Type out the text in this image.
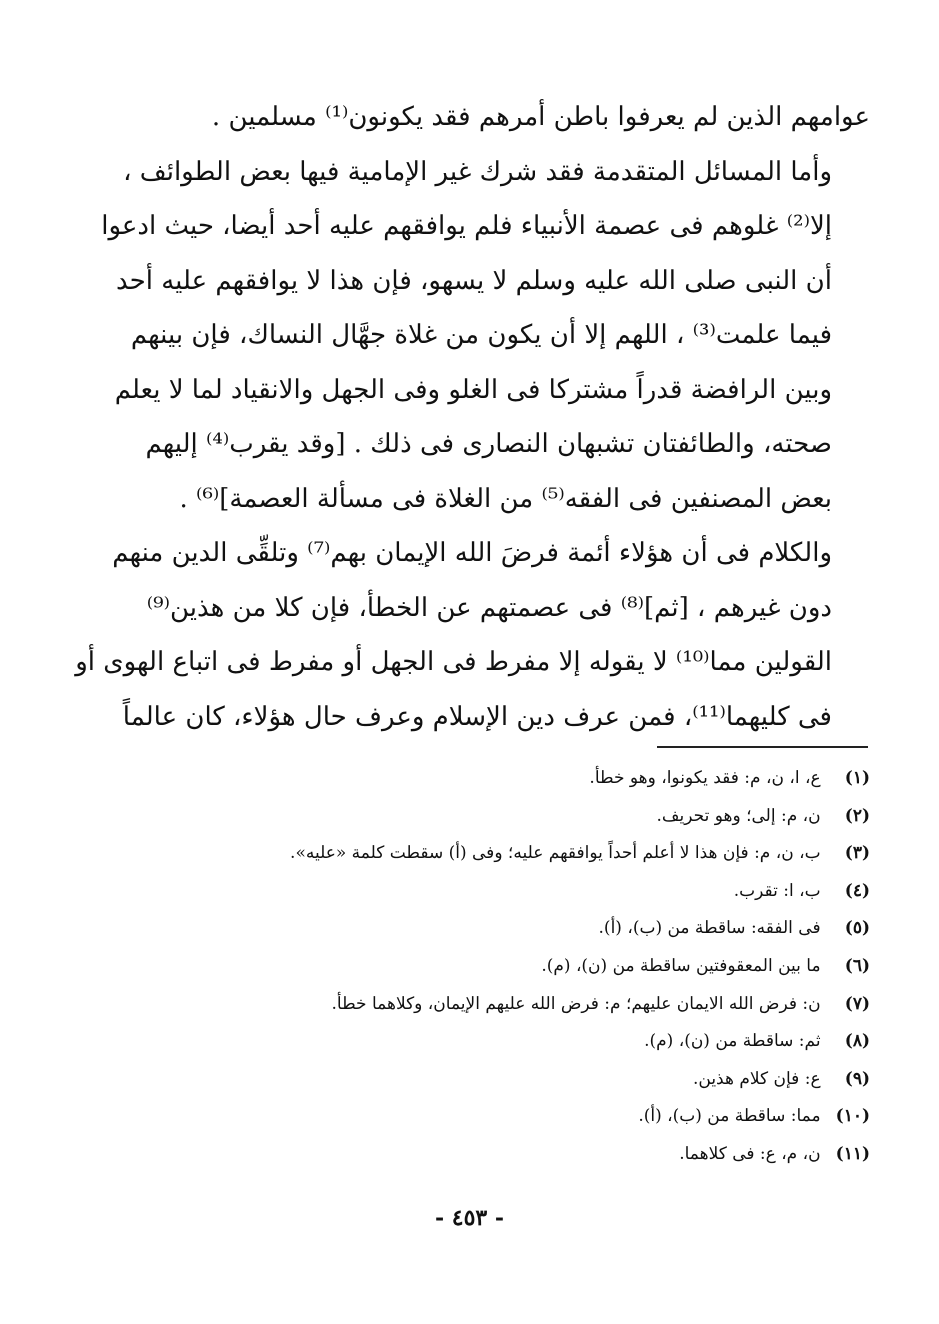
عوامهم الذين لم يعرفوا باطن أمرهم فقد يكونون⁽¹⁾ مسلمين .

وأما المسائل المتقدمة فقد شرك غير الإمامية فيها بعض الطوائف ،
إلا⁽²⁾ غلوهم فى عصمة الأنبياء فلم يوافقهم عليه أحد أيضا، حيث ادعوا
أن النبى صلى الله عليه وسلم لا يسهو، فإن هذا لا يوافقهم عليه أحد
فيما علمت⁽³⁾ ، اللهم إلا أن يكون من غلاة جهَّال النساك، فإن بينهم
وبين الرافضة قدراً مشتركا فى الغلو وفى الجهل والانقياد لما لا يعلم
صحته، والطائفتان تشبهان النصارى فى ذلك . [وقد يقرب⁽⁴⁾ إليهم
بعض المصنفين فى الفقه⁽⁵⁾ من الغلاة فى مسألة العصمة]⁽⁶⁾ .

والكلام فى أن هؤلاء أئمة فرضَ الله الإيمان بهم⁽⁷⁾ وتلقِّى الدين منهم
دون غيرهم ، [ثم]⁽⁸⁾ فى عصمتهم عن الخطأ، فإن كلا من هذين⁽⁹⁾
القولين مما⁽¹⁰⁾ لا يقوله إلا مفرط فى الجهل أو مفرط فى اتباع الهوى أو
فى كليهما⁽¹¹⁾، فمن عرف دين الإسلام وعرف حال هؤلاء، كان عالماً

(١) ع، ا، ن، م: فقد يكونوا، وهو خطأ.
(٢) ن، م: إلى؛ وهو تحريف.
(٣) ب، ن، م: فإن هذا لا أعلم أحداً يوافقهم عليه؛ وفى (أ) سقطت كلمة «عليه».
(٤) ب، ا: تقرب.
(٥) فى الفقه: ساقطة من (ب)، (أ).
(٦) ما بين المعقوفتين ساقطة من (ن)، (م).
(٧) ن: فرض الله الايمان عليهم؛ م: فرض الله عليهم الإيمان، وكلاهما خطأ.
(٨) ثم: ساقطة من (ن)، (م).
(٩) ع: فإن كلام هذين.
(١٠) مما: ساقطة من (ب)، (أ).
(١١) ن، م، ع: فى كلاهما.
- ٤٥٣ -
